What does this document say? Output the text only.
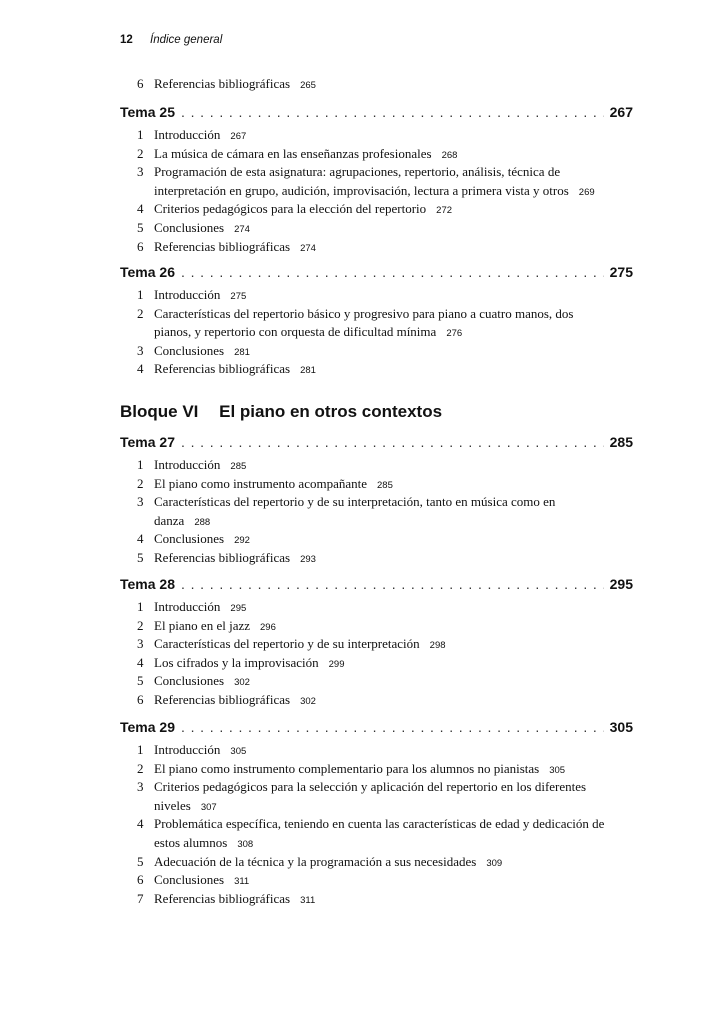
12 Índice general
6 Referencias bibliográficas 265
Tema 25 . . .	267
1 Introducción 267
2 La música de cámara en las enseñanzas profesionales 268
3 Programación de esta asignatura: agrupaciones, repertorio, análisis, técnica de
interpretación en grupo, audición, improvisación, lectura a primera vista y otros 269
4 Criterios pedagógicos para la elección del repertorio 272
5 Conclusiones 274
6 Referencias bibliográficas 274
Tema 26 . . .	275
1 Introducción 275
2 Características del repertorio básico y progresivo para piano a cuatro manos, dos
pianos, y repertorio con orquesta de dificultad mínima 276
3 Conclusiones 281
4 Referencias bibliográficas 281
Bloque VI El piano en otros contextos
Tema 27 . . .	285
1 Introducción 285
2 El piano como instrumento acompañante 285
3 Características del repertorio y de su interpretación, tanto en música como en
danza 288
4 Conclusiones 292
5 Referencias bibliográficas 293
Tema 28 . . .	295
1 Introducción 295
2 El piano en el jazz 296
3 Características del repertorio y de su interpretación 298
4 Los cifrados y la improvisación 299
5 Conclusiones 302
6 Referencias bibliográficas 302
Tema 29 . . .	305
1 Introducción 305
2 El piano como instrumento complementario para los alumnos no pianistas 305
3 Criterios pedagógicos para la selección y aplicación del repertorio en los diferentes
niveles 307
4 Problemática específica, teniendo en cuenta las características de edad y dedicación de
estos alumnos 308
5 Adecuación de la técnica y la programación a sus necesidades 309
6 Conclusiones 311
7 Referencias bibliográficas 311
